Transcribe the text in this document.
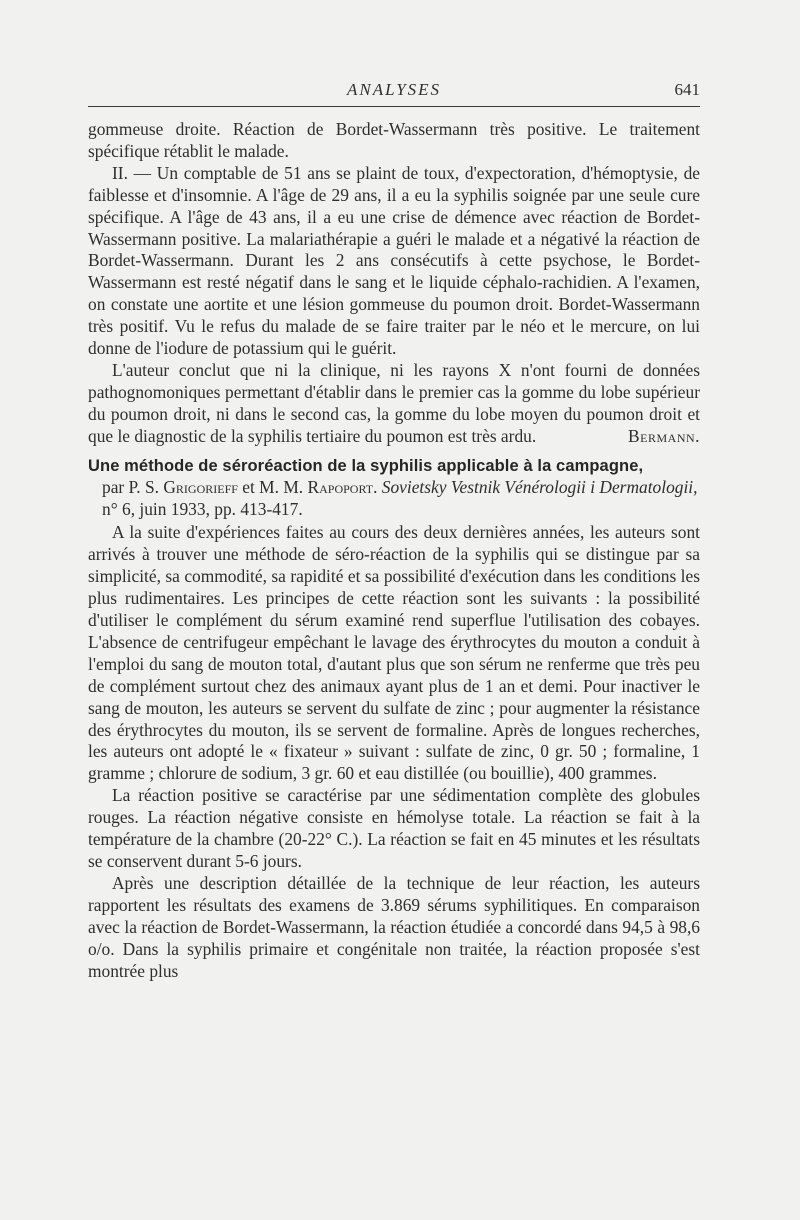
ANALYSES	641

gommeuse droite. Réaction de Bordet-Wassermann très positive. Le traitement spécifique rétablit le malade.

II. — Un comptable de 51 ans se plaint de toux, d'expectoration, d'hémoptysie, de faiblesse et d'insomnie. A l'âge de 29 ans, il a eu la syphilis soignée par une seule cure spécifique. A l'âge de 43 ans, il a eu une crise de démence avec réaction de Bordet-Wassermann positive. La malariathérapie a guéri le malade et a négativé la réaction de Bordet-Wassermann. Durant les 2 ans consécutifs à cette psychose, le Bordet-Wassermann est resté négatif dans le sang et le liquide céphalo-rachidien. A l'examen, on constate une aortite et une lésion gommeuse du poumon droit. Bordet-Wassermann très positif. Vu le refus du malade de se faire traiter par le néo et le mercure, on lui donne de l'iodure de potassium qui le guérit.

L'auteur conclut que ni la clinique, ni les rayons X n'ont fourni de données pathognomoniques permettant d'établir dans le premier cas la gomme du lobe supérieur du poumon droit, ni dans le second cas, la gomme du lobe moyen du poumon droit et que le diagnostic de la syphilis tertiaire du poumon est très ardu.	Bermann.

Une méthode de séroréaction de la syphilis applicable à la campagne,
par P. S. Grigorieff et M. M. Rapoport. Sovietsky Vestnik Vénérologii i Dermatologii, n° 6, juin 1933, pp. 413-417.

A la suite d'expériences faites au cours des deux dernières années, les auteurs sont arrivés à trouver une méthode de séro-réaction de la syphilis qui se distingue par sa simplicité, sa commodité, sa rapidité et sa possibilité d'exécution dans les conditions les plus rudimentaires. Les principes de cette réaction sont les suivants : la possibilité d'utiliser le complément du sérum examiné rend superflue l'utilisation des cobayes. L'absence de centrifugeur empêchant le lavage des érythrocytes du mouton a conduit à l'emploi du sang de mouton total, d'autant plus que son sérum ne renferme que très peu de complément surtout chez des animaux ayant plus de 1 an et demi. Pour inactiver le sang de mouton, les auteurs se servent du sulfate de zinc ; pour augmenter la résistance des érythrocytes du mouton, ils se servent de formaline. Après de longues recherches, les auteurs ont adopté le « fixateur » suivant : sulfate de zinc, 0 gr. 50 ; formaline, 1 gramme ; chlorure de sodium, 3 gr. 60 et eau distillée (ou bouillie), 400 grammes.

La réaction positive se caractérise par une sédimentation complète des globules rouges. La réaction négative consiste en hémolyse totale. La réaction se fait à la température de la chambre (20-22° C.). La réaction se fait en 45 minutes et les résultats se conservent durant 5-6 jours.

Après une description détaillée de la technique de leur réaction, les auteurs rapportent les résultats des examens de 3.869 sérums syphilitiques. En comparaison avec la réaction de Bordet-Wassermann, la réaction étudiée a concordé dans 94,5 à 98,6 o/o. Dans la syphilis primaire et congénitale non traitée, la réaction proposée s'est montrée plus
